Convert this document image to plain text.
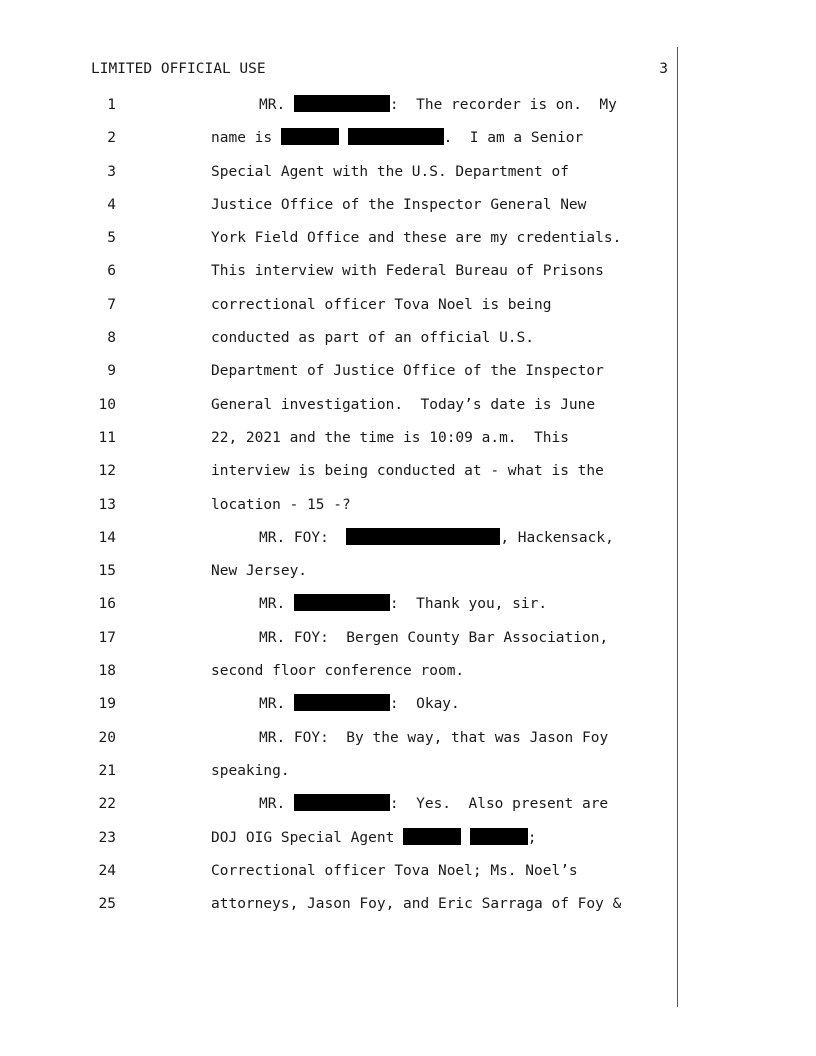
LIMITED OFFICIAL USE	3
1	MR.	:  The recorder is on.  My
2	name is	.  I am a Senior
3	Special Agent with the U.S. Department of
4	Justice Office of the Inspector General New
5	York Field Office and these are my credentials.
6	This interview with Federal Bureau of Prisons
7	correctional officer Tova Noel is being
8	conducted as part of an official U.S.
9	Department of Justice Office of the Inspector
10	General investigation.  Today’s date is June
11	22, 2021 and the time is 10:09 a.m.  This
12	interview is being conducted at - what is the
13	location - 15 -?
14	MR. FOY:	, Hackensack,
15	New Jersey.
16	MR.	:  Thank you, sir.
17	MR. FOY:  Bergen County Bar Association,
18	second floor conference room.
19	MR.	:  Okay.
20	MR. FOY:  By the way, that was Jason Foy
21	speaking.
22	MR.	:  Yes.  Also present are
23	DOJ OIG Special Agent	;
24	Correctional officer Tova Noel; Ms. Noel’s
25	attorneys, Jason Foy, and Eric Sarraga of Foy &
